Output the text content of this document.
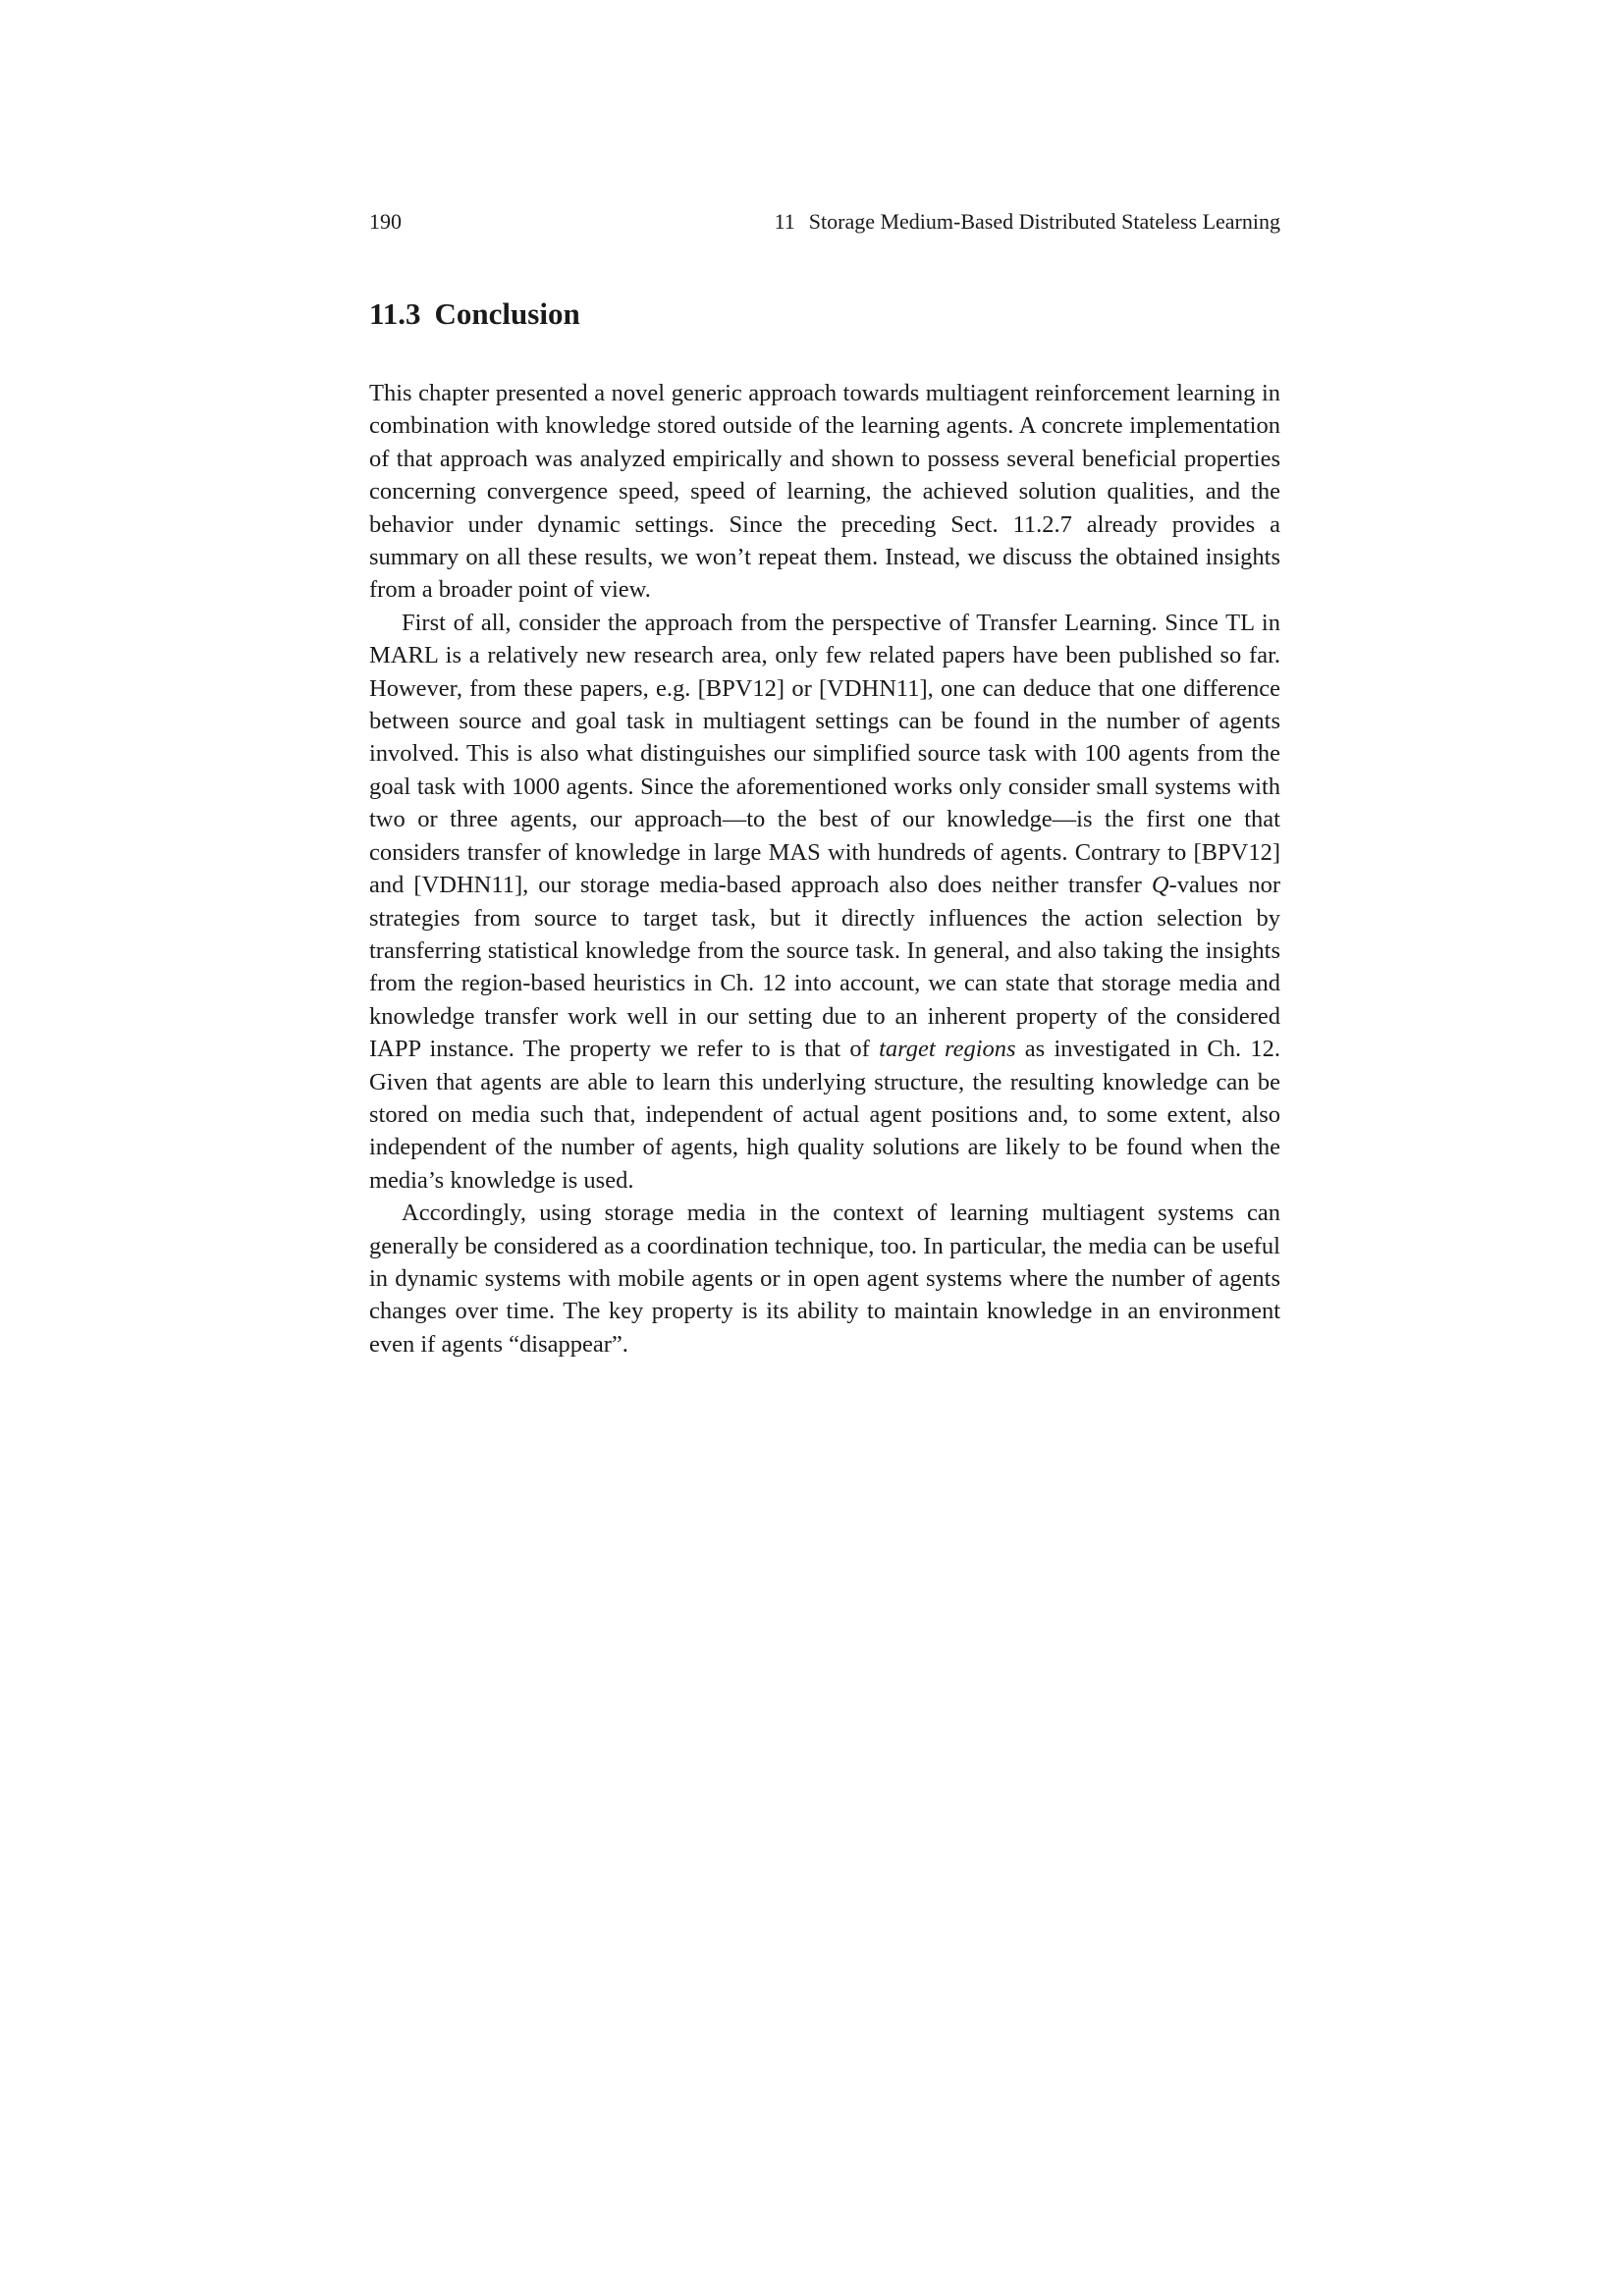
190	11 Storage Medium-Based Distributed Stateless Learning
11.3 Conclusion

This chapter presented a novel generic approach towards multiagent reinforcement learning in combination with knowledge stored outside of the learning agents. A concrete implementation of that approach was analyzed empirically and shown to possess several beneficial properties concerning convergence speed, speed of learning, the achieved solution qualities, and the behavior under dynamic settings. Since the preceding Sect. 11.2.7 already provides a summary on all these results, we won’t repeat them. Instead, we discuss the obtained insights from a broader point of view.

First of all, consider the approach from the perspective of Transfer Learning. Since TL in MARL is a relatively new research area, only few related papers have been published so far. However, from these papers, e.g. [BPV12] or [VDHN11], one can deduce that one difference between source and goal task in multiagent settings can be found in the number of agents involved. This is also what distinguishes our simplified source task with 100 agents from the goal task with 1000 agents. Since the aforementioned works only consider small systems with two or three agents, our approach—to the best of our knowledge—is the first one that considers transfer of knowledge in large MAS with hundreds of agents. Contrary to [BPV12] and [VDHN11], our storage media-based approach also does neither transfer Q-values nor strategies from source to target task, but it directly influences the action selection by transferring statistical knowledge from the source task. In general, and also taking the insights from the region-based heuristics in Ch. 12 into account, we can state that storage media and knowledge transfer work well in our setting due to an inherent property of the considered IAPP instance. The property we refer to is that of target regions as investigated in Ch. 12. Given that agents are able to learn this underlying structure, the resulting knowledge can be stored on media such that, independent of actual agent positions and, to some extent, also independent of the number of agents, high quality solutions are likely to be found when the media’s knowledge is used.

Accordingly, using storage media in the context of learning multiagent systems can generally be considered as a coordination technique, too. In particular, the media can be useful in dynamic systems with mobile agents or in open agent systems where the number of agents changes over time. The key property is its ability to maintain knowledge in an environment even if agents “disappear”.
